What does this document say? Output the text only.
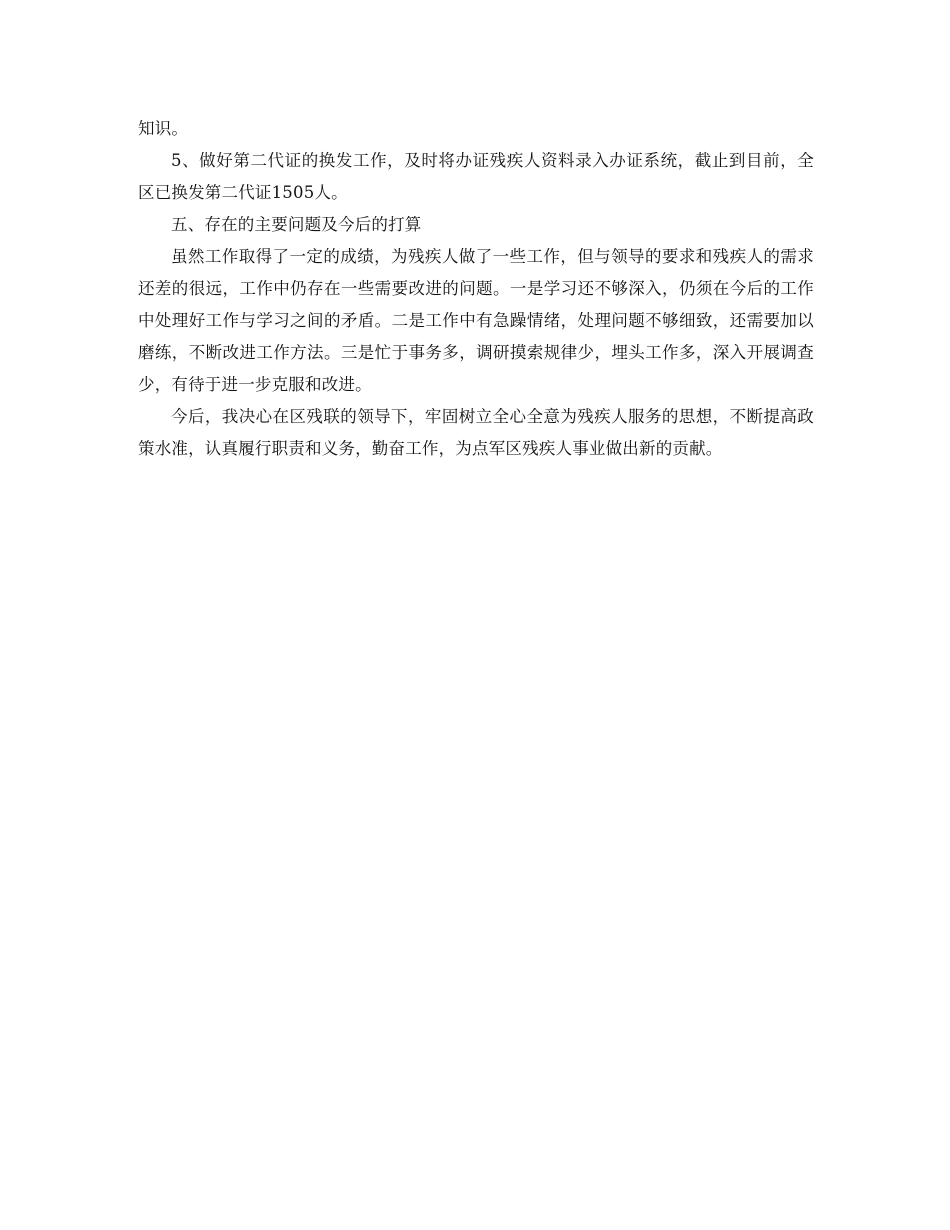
知识。

5、做好第二代证的换发工作，及时将办证残疾人资料录入办证系统，截止到目前，全区已换发第二代证1505人。

五、存在的主要问题及今后的打算

虽然工作取得了一定的成绩，为残疾人做了一些工作，但与领导的要求和残疾人的需求还差的很远，工作中仍存在一些需要改进的问题。一是学习还不够深入，仍须在今后的工作中处理好工作与学习之间的矛盾。二是工作中有急躁情绪，处理问题不够细致，还需要加以磨练，不断改进工作方法。三是忙于事务多，调研摸索规律少，埋头工作多，深入开展调查少，有待于进一步克服和改进。

今后，我决心在区残联的领导下，牢固树立全心全意为残疾人服务的思想，不断提高政策水准，认真履行职责和义务，勤奋工作，为点军区残疾人事业做出新的贡献。
